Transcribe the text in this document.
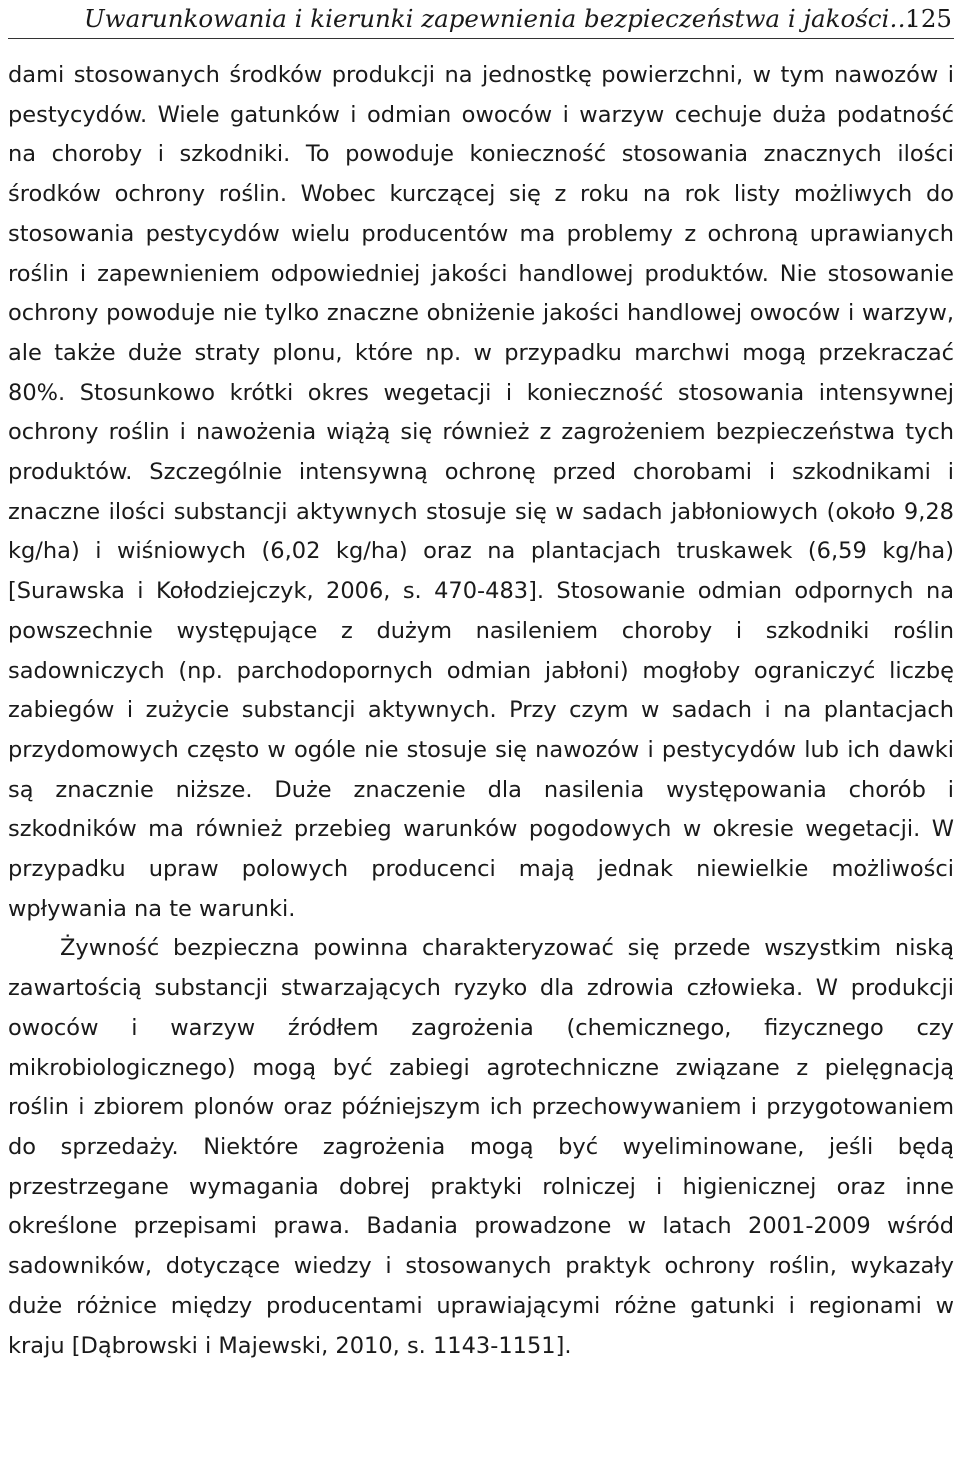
Uwarunkowania i kierunki zapewnienia bezpieczeństwa i jakości…
125

dami stosowanych środków produkcji na jednostkę powierzchni, w tym nawozów i pestycydów. Wiele gatunków i odmian owoców i warzyw cechuje duża podatność na choroby i szkodniki. To powoduje konieczność stosowania znacznych ilości środków ochrony roślin. Wobec kurczącej się z roku na rok listy możliwych do stosowania pestycydów wielu producentów ma problemy z ochroną uprawianych roślin i zapewnieniem odpowiedniej jakości handlowej produktów. Nie stosowanie ochrony powoduje nie tylko znaczne obniżenie jakości handlowej owoców i warzyw, ale także duże straty plonu, które np. w przypadku marchwi mogą przekraczać 80%. Stosunkowo krótki okres wegetacji i konieczność stosowania intensywnej ochrony roślin i nawożenia wiążą się również z zagrożeniem bezpieczeństwa tych produktów. Szczególnie intensywną ochronę przed chorobami i szkodnikami i znaczne ilości substancji aktywnych stosuje się w sadach jabłoniowych (około 9,28 kg/ha) i wiśniowych (6,02 kg/ha) oraz na plantacjach truskawek (6,59 kg/ha) [Surawska i Kołodziejczyk, 2006, s. 470-483]. Stosowanie odmian odpornych na powszechnie występujące z dużym nasileniem choroby i szkodniki roślin sadowniczych (np. parchodopornych odmian jabłoni) mogłoby ograniczyć liczbę zabiegów i zużycie substancji aktywnych. Przy czym w sadach i na plantacjach przydomowych często w ogóle nie stosuje się nawozów i pestycydów lub ich dawki są znacznie niższe. Duże znaczenie dla nasilenia występowania chorób i szkodników ma również przebieg warunków pogodowych w okresie wegetacji. W przypadku upraw polowych producenci mają jednak niewielkie możliwości wpływania na te warunki.

Żywność bezpieczna powinna charakteryzować się przede wszystkim niską zawartością substancji stwarzających ryzyko dla zdrowia człowieka. W produkcji owoców i warzyw źródłem zagrożenia (chemicznego, fizycznego czy mikrobiologicznego) mogą być zabiegi agrotechniczne związane z pielęgnacją roślin i zbiorem plonów oraz późniejszym ich przechowywaniem i przygotowaniem do sprzedaży. Niektóre zagrożenia mogą być wyeliminowane, jeśli będą przestrzegane wymagania dobrej praktyki rolniczej i higienicznej oraz inne określone przepisami prawa. Badania prowadzone w latach 2001-2009 wśród sadowników, dotyczące wiedzy i stosowanych praktyk ochrony roślin, wykazały duże różnice między producentami uprawiającymi różne gatunki i regionami w kraju [Dąbrowski i Majewski, 2010, s. 1143-1151].
